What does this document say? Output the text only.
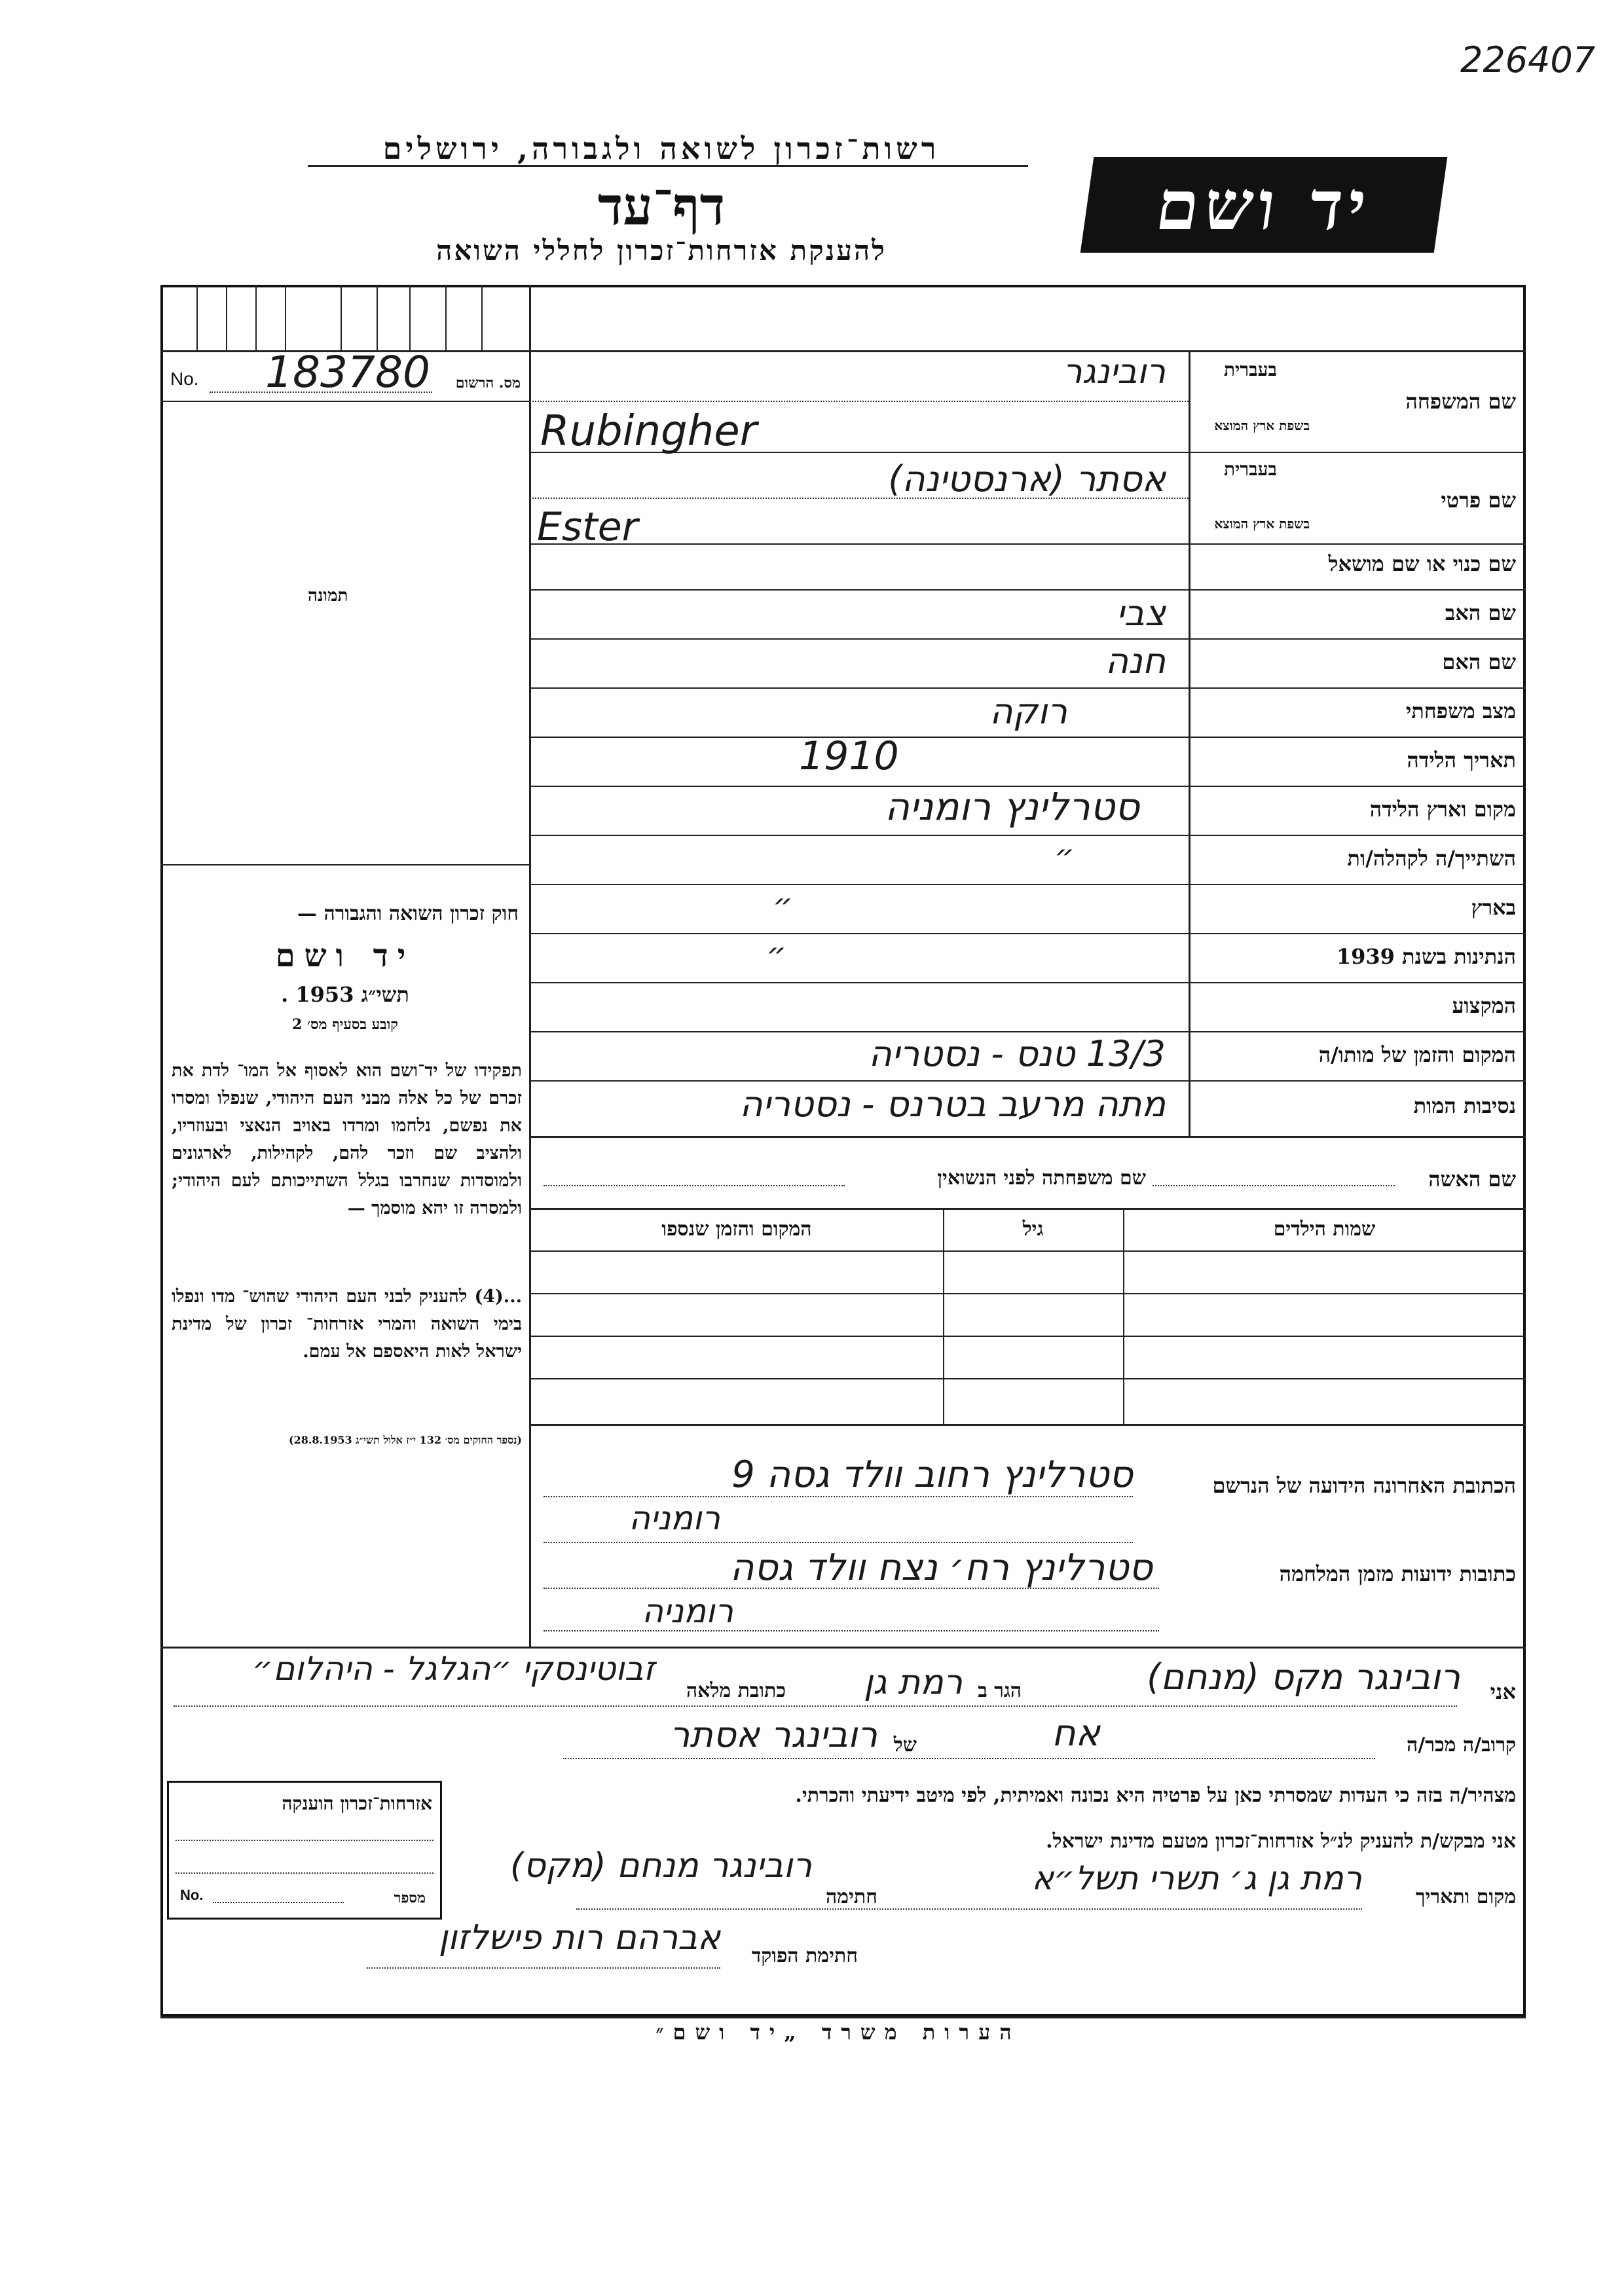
226407
רשות־זכרון לשואה ולגבורה, ירושלים
דף־עד
להענקת אזרחות־זכרון לחללי השואה
יד ושם
No. 183780	מס. הרשום
תמונה
חוק זכרון השואה והגבורה —
יד ושם
תשי״ג 1953 .
קובע בסעיף מס׳ 2
תפקידו של יד־ושם הוא לאסוף אל המו־ לדת את זכרם של כל אלה מבני העם היהודי, שנפלו ומסרו את נפשם, נלחמו ומרדו באויב הנאצי ובעוזריו, ולהציב שם וזכר להם, לקהילות, לארגונים ולמוסדות שנחרבו בגלל השתייכותם לעם היהודי; ולמסרה זו יהא מוסמך —
...(4) להעניק לבני העם היהודי שהוש־ מדו ונפלו בימי השואה והמרי אזרחות־ זכרון של מדינת ישראל לאות היאספם אל עמם.
(נספר החוקים מס׳ 132 י״ז אלול תשי״ג 28.8.1953)
בעברית
בשפת ארץ המוצא
שם המשפחה
רובינגר
Rubingher
בעברית
בשפת ארץ המוצא
שם פרטי
אסתר (ארנסטינה)
Ester
שם כנוי או שם מושאל
שם האב
צבי
שם האם
חנה
מצב משפחתי
רוקה
תאריך הלידה
1910
מקום וארץ הלידה
סטרלינץ רומניה
השתייך/ה לקהלה/ות
״
בארץ
״
הנתינות בשנת 1939
״
המקצוע
המקום והזמן של מותו/ה
13/3 טנס - נסטריה
נסיבות המות
מתה מרעב בטרנס - נסטריה
שם האשה
שם משפחתה לפני הנשואין
שמות הילדים
גיל
המקום והזמן שנספו
הכתובת האחרונה הידועה של הנרשם
סטרלינץ רחוב וולד גסה 9
רומניה
כתובות ידועות מזמן המלחמה
סטרלינץ רח׳ נצח וולד גסה
רומניה
אני
רובינגר מקס (מנחם)
הגר ב
רמת גן
כתובת מלאה
זבוטינסקי ״הגלגל - היהלום״
קרוב/ה מכר/ה
אח
של
רובינגר אסתר
מצהיר/ה בזה כי העדות שמסרתי כאן על פרטיה היא נכונה ואמיתית, לפי מיטב ידיעתי והכרתי.
אני מבקש/ת להעניק לנ״ל אזרחות־זכרון מטעם מדינת ישראל.
מקום ותאריך
רמת גן ג׳ תשרי תשל״א
חתימה
רובינגר מנחם (מקס)
חתימת הפוקד
אברהם רות פישלזון
אזרחות־זכרון הוענקה
No.	מספר
הערות משרד „יד ושם״
